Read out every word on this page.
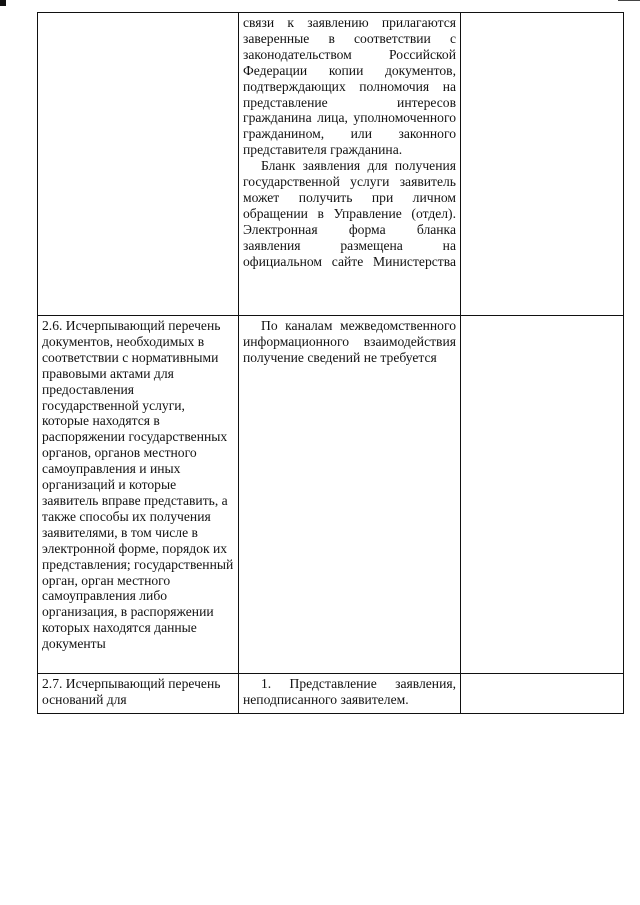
	связи к заявлению прилагаются заверенные в соответствии с законодательством Российской Федерации копии документов, подтверждающих полномочия на представление интересов гражданина лица, уполномоченного гражданином, или законного представителя гражданина.

Бланк заявления для получения государственной услуги заявитель может получить при личном обращении в Управление (отдел). Электронная форма бланка заявления размещена на официальном сайте Министерства	

2.6. Исчерпывающий перечень документов, необходимых в соответствии с нормативными правовыми актами для предоставления государственной услуги, которые находятся в распоряжении государственных органов, органов местного самоуправления и иных организаций и которые заявитель вправе представить, а также способы их получения заявителями, в том числе в электронной форме, порядок их представления; государственный орган, орган местного самоуправления либо организация, в распоряжении которых находятся данные документы	По каналам межведомственного информационного взаимодействия получение сведений не требуется	

2.7. Исчерпывающий перечень оснований для	1. Представление заявления, неподписанного заявителем.	
